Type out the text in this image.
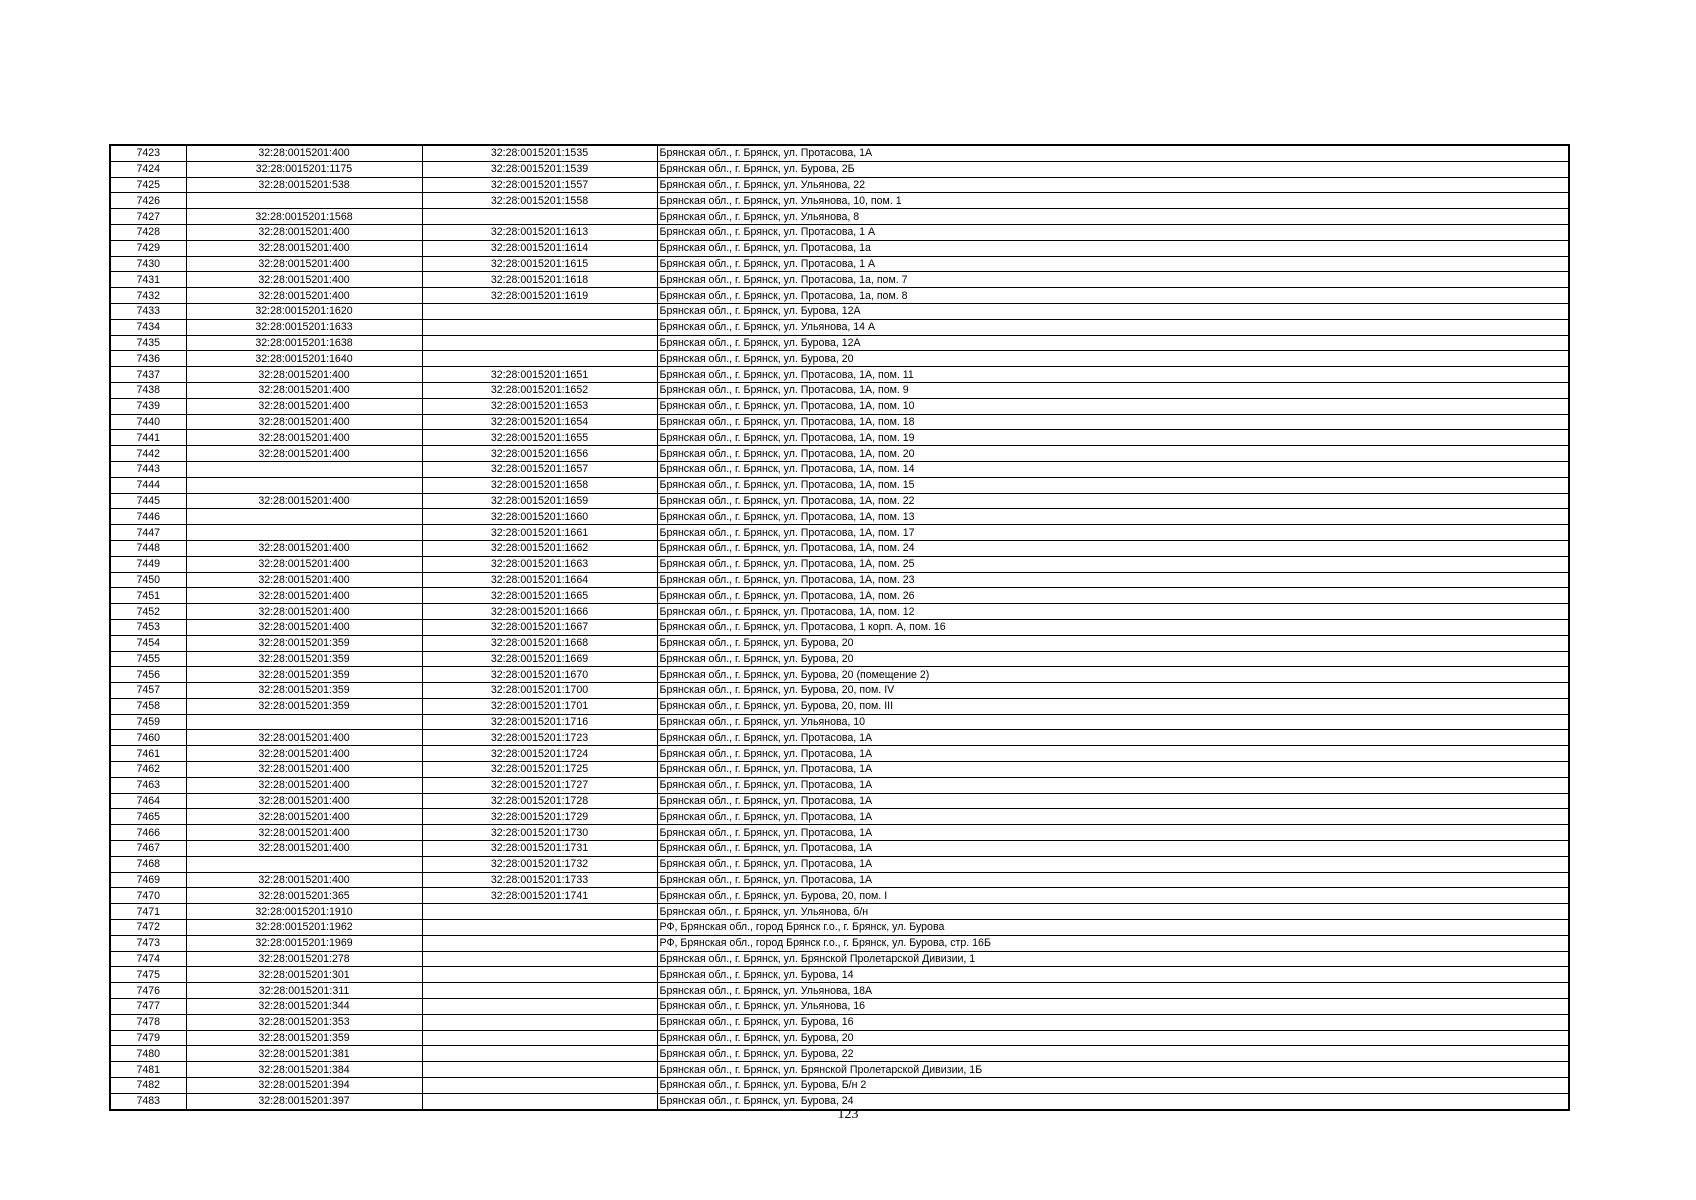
7423	32:28:0015201:400	32:28:0015201:1535	Брянская обл., г. Брянск, ул. Протасова, 1А
7424	32:28:0015201:1175	32:28:0015201:1539	Брянская обл., г. Брянск, ул. Бурова, 2Б
7425	32:28:0015201:538	32:28:0015201:1557	Брянская обл., г. Брянск, ул. Ульянова, 22
7426		32:28:0015201:1558	Брянская обл., г. Брянск, ул. Ульянова, 10, пом. 1
7427	32:28:0015201:1568		Брянская обл., г. Брянск, ул. Ульянова, 8
7428	32:28:0015201:400	32:28:0015201:1613	Брянская обл., г. Брянск, ул. Протасова, 1 А
7429	32:28:0015201:400	32:28:0015201:1614	Брянская обл., г. Брянск, ул. Протасова, 1а
7430	32:28:0015201:400	32:28:0015201:1615	Брянская обл., г. Брянск, ул. Протасова, 1 А
7431	32:28:0015201:400	32:28:0015201:1618	Брянская обл., г. Брянск, ул. Протасова, 1а, пом. 7
7432	32:28:0015201:400	32:28:0015201:1619	Брянская обл., г. Брянск, ул. Протасова, 1а, пом. 8
7433	32:28:0015201:1620		Брянская обл., г. Брянск, ул. Бурова, 12А
7434	32:28:0015201:1633		Брянская обл., г. Брянск, ул. Ульянова, 14 А
7435	32:28:0015201:1638		Брянская обл., г. Брянск, ул. Бурова, 12А
7436	32:28:0015201:1640		Брянская обл., г. Брянск, ул. Бурова, 20
7437	32:28:0015201:400	32:28:0015201:1651	Брянская обл., г. Брянск, ул. Протасова, 1А, пом. 11
7438	32:28:0015201:400	32:28:0015201:1652	Брянская обл., г. Брянск, ул. Протасова, 1А, пом. 9
7439	32:28:0015201:400	32:28:0015201:1653	Брянская обл., г. Брянск, ул. Протасова, 1А, пом. 10
7440	32:28:0015201:400	32:28:0015201:1654	Брянская обл., г. Брянск, ул. Протасова, 1А, пом. 18
7441	32:28:0015201:400	32:28:0015201:1655	Брянская обл., г. Брянск, ул. Протасова, 1А, пом. 19
7442	32:28:0015201:400	32:28:0015201:1656	Брянская обл., г. Брянск, ул. Протасова, 1А, пом. 20
7443		32:28:0015201:1657	Брянская обл., г. Брянск, ул. Протасова, 1А, пом. 14
7444		32:28:0015201:1658	Брянская обл., г. Брянск, ул. Протасова, 1А, пом. 15
7445	32:28:0015201:400	32:28:0015201:1659	Брянская обл., г. Брянск, ул. Протасова, 1А, пом. 22
7446		32:28:0015201:1660	Брянская обл., г. Брянск, ул. Протасова, 1А, пом. 13
7447		32:28:0015201:1661	Брянская обл., г. Брянск, ул. Протасова, 1А, пом. 17
7448	32:28:0015201:400	32:28:0015201:1662	Брянская обл., г. Брянск, ул. Протасова, 1А, пом. 24
7449	32:28:0015201:400	32:28:0015201:1663	Брянская обл., г. Брянск, ул. Протасова, 1А, пом. 25
7450	32:28:0015201:400	32:28:0015201:1664	Брянская обл., г. Брянск, ул. Протасова, 1А, пом. 23
7451	32:28:0015201:400	32:28:0015201:1665	Брянская обл., г. Брянск, ул. Протасова, 1А, пом. 26
7452	32:28:0015201:400	32:28:0015201:1666	Брянская обл., г. Брянск, ул. Протасова, 1А, пом. 12
7453	32:28:0015201:400	32:28:0015201:1667	Брянская обл., г. Брянск, ул. Протасова, 1 корп. А, пом. 16
7454	32:28:0015201:359	32:28:0015201:1668	Брянская обл., г. Брянск, ул. Бурова, 20
7455	32:28:0015201:359	32:28:0015201:1669	Брянская обл., г. Брянск, ул. Бурова, 20
7456	32:28:0015201:359	32:28:0015201:1670	Брянская обл., г. Брянск, ул. Бурова, 20 (помещение 2)
7457	32:28:0015201:359	32:28:0015201:1700	Брянская обл., г. Брянск, ул. Бурова, 20, пом. IV
7458	32:28:0015201:359	32:28:0015201:1701	Брянская обл., г. Брянск, ул. Бурова, 20, пом. III
7459		32:28:0015201:1716	Брянская обл., г. Брянск, ул. Ульянова, 10
7460	32:28:0015201:400	32:28:0015201:1723	Брянская обл., г. Брянск, ул. Протасова, 1А
7461	32:28:0015201:400	32:28:0015201:1724	Брянская обл., г. Брянск, ул. Протасова, 1А
7462	32:28:0015201:400	32:28:0015201:1725	Брянская обл., г. Брянск, ул. Протасова, 1А
7463	32:28:0015201:400	32:28:0015201:1727	Брянская обл., г. Брянск, ул. Протасова, 1А
7464	32:28:0015201:400	32:28:0015201:1728	Брянская обл., г. Брянск, ул. Протасова, 1А
7465	32:28:0015201:400	32:28:0015201:1729	Брянская обл., г. Брянск, ул. Протасова, 1А
7466	32:28:0015201:400	32:28:0015201:1730	Брянская обл., г. Брянск, ул. Протасова, 1А
7467	32:28:0015201:400	32:28:0015201:1731	Брянская обл., г. Брянск, ул. Протасова, 1А
7468		32:28:0015201:1732	Брянская обл., г. Брянск, ул. Протасова, 1А
7469	32:28:0015201:400	32:28:0015201:1733	Брянская обл., г. Брянск, ул. Протасова, 1А
7470	32:28:0015201:365	32:28:0015201:1741	Брянская обл., г. Брянск, ул. Бурова, 20, пом. I
7471	32:28:0015201:1910		Брянская обл., г. Брянск, ул. Ульянова, б/н
7472	32:28:0015201:1962		РФ, Брянская обл., город Брянск г.о., г. Брянск, ул. Бурова
7473	32:28:0015201:1969		РФ, Брянская обл., город Брянск г.о., г. Брянск, ул. Бурова, стр. 16Б
7474	32:28:0015201:278		Брянская обл., г. Брянск, ул. Брянской Пролетарской Дивизии, 1
7475	32:28:0015201:301		Брянская обл., г. Брянск, ул. Бурова, 14
7476	32:28:0015201:311		Брянская обл., г. Брянск, ул. Ульянова, 18А
7477	32:28:0015201:344		Брянская обл., г. Брянск, ул. Ульянова, 16
7478	32:28:0015201:353		Брянская обл., г. Брянск, ул. Бурова, 16
7479	32:28:0015201:359		Брянская обл., г. Брянск, ул. Бурова, 20
7480	32:28:0015201:381		Брянская обл., г. Брянск, ул. Бурова, 22
7481	32:28:0015201:384		Брянская обл., г. Брянск, ул. Брянской Пролетарской Дивизии, 1Б
7482	32:28:0015201:394		Брянская обл., г. Брянск, ул. Бурова, Б/н 2
7483	32:28:0015201:397		Брянская обл., г. Брянск, ул. Бурова, 24
123
